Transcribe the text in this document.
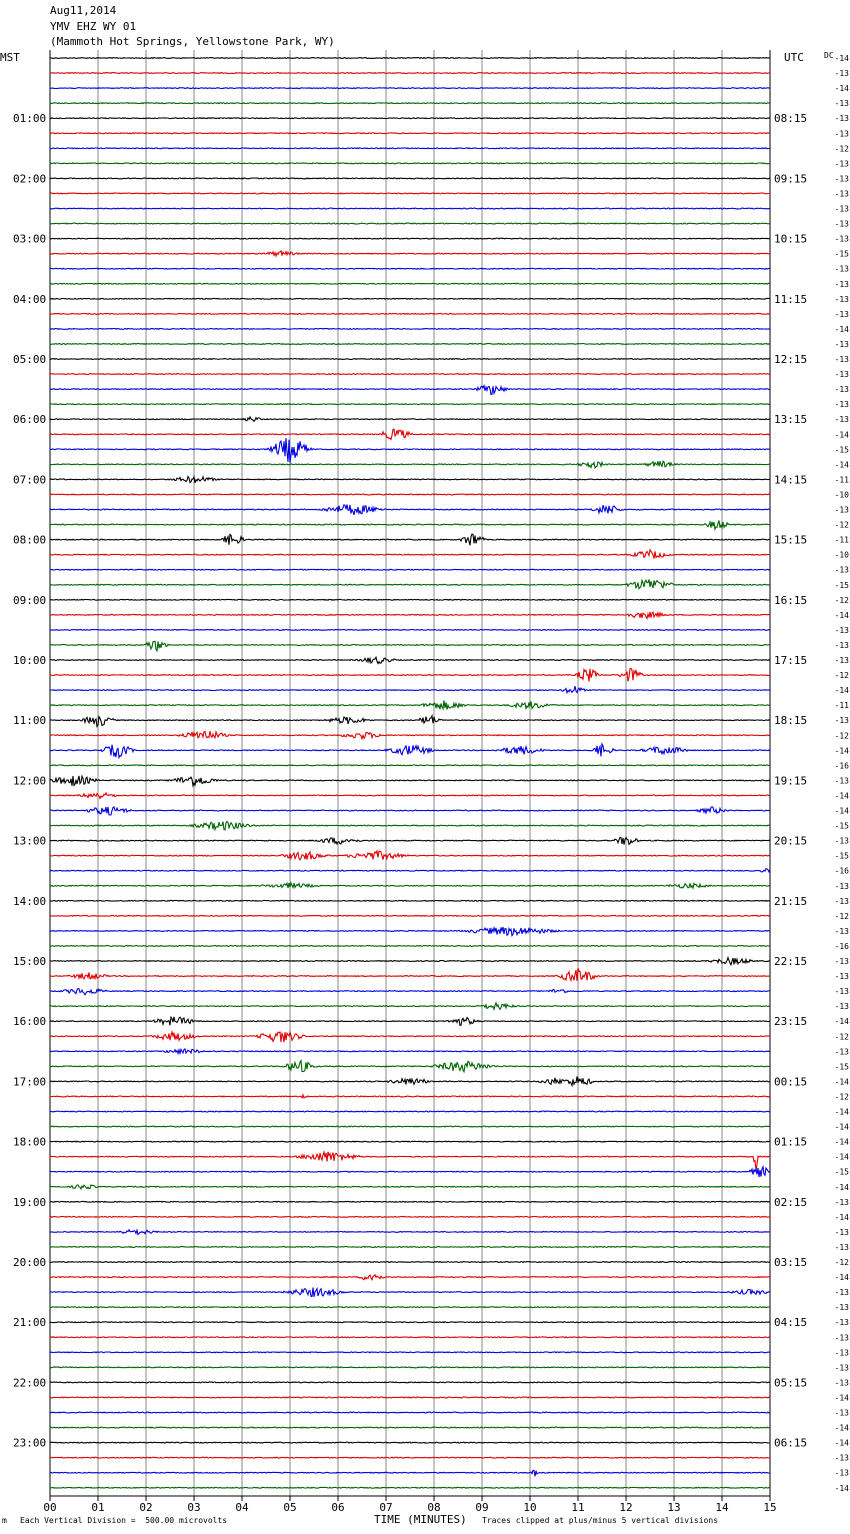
Aug11,2014
YMV EHZ WY 01
(Mammoth Hot Springs, Yellowstone Park, WY)
00	01	02	03	04	05	06	07	08	09	10	11	12	13	14	15
MST	UTC	DC -14
-13
-14
-13
-13
01:00	08:15
-13
-12
-13
-13
02:00	09:15
-13
-13
-13
-13
03:00	10:15
-15
-13
-13
-13
04:00	11:15
-13
-14
-13
-13
05:00	12:15
-13
-13
-13
-13
06:00	13:15
-14
-15
-14
-11
07:00	14:15
-10
-13
-12
-11
08:00	15:15
-10
-13
-15
-12
09:00	16:15
-14
-13
-13
-13
10:00	17:15
-12
-14
-11
-13
11:00	18:15
-12
-14
-16
-13
12:00	19:15
-14
-14
-15
-13
13:00	20:15
-15
-16
-13
-13
14:00	21:15
-12
-13
-16
-13
15:00	22:15
-13
-13
-13
-14
16:00	23:15
-12
-13
-15
-14
17:00	00:15
-12
-14
-14
-14
18:00	01:15
-14
-15
-14
-13
19:00	02:15
-14
-13
-13
-12
20:00	03:15
-14
-13
-13
-13
21:00	04:15
-13
-13
-13
-13
22:00	05:15
-14
-13
-14
-14
23:00	06:15
-13
-13
-14
m Each Vertical Division =  500.00 microvolts	TIME (MINUTES) Traces clipped at plus/minus 5 vertical divisions
